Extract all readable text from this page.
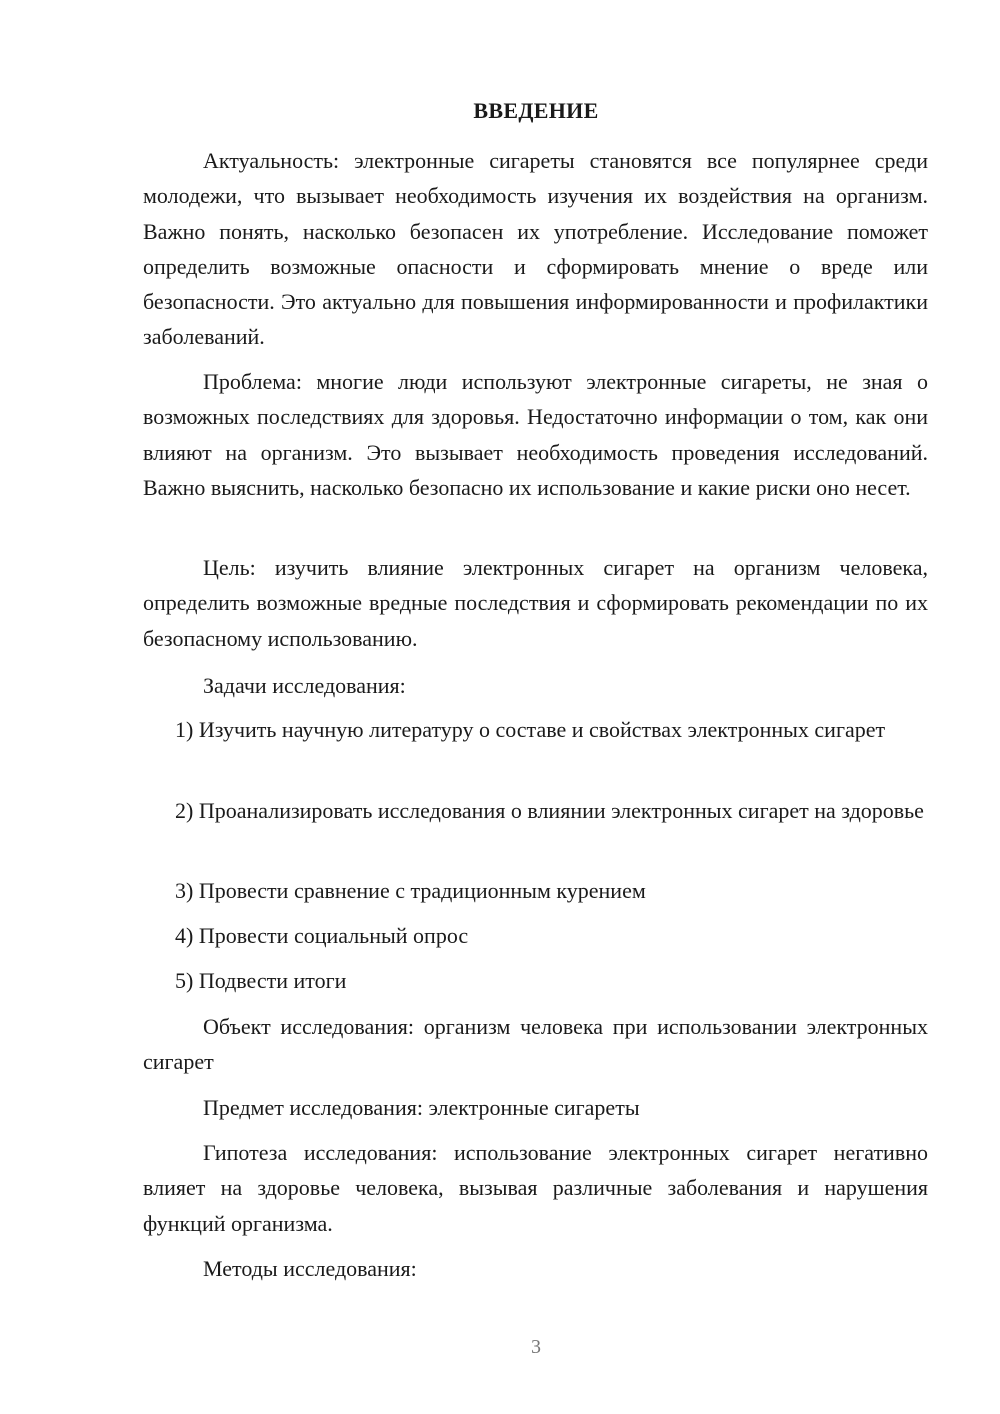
ВВЕДЕНИЕ

Актуальность: электронные сигареты становятся все популярнее среди молодежи, что вызывает необходимость изучения их воздействия на организм. Важно понять, насколько безопасен их употребление. Исследование поможет определить возможные опасности и сформировать мнение о вреде или безопасности. Это актуально для повышения информированности и профилактики заболеваний.

Проблема: многие люди используют электронные сигареты, не зная о возможных последствиях для здоровья. Недостаточно информации о том, как они влияют на организм. Это вызывает необходимость проведения исследований. Важно выяснить, насколько безопасно их использование и какие риски оно несет.

Цель: изучить влияние электронных сигарет на организм человека, определить возможные вредные последствия и сформировать рекомендации по их безопасному использованию.

Задачи исследования:

1) Изучить научную литературу о составе и свойствах электронных сигарет

2) Проанализировать исследования о влиянии электронных сигарет на здоровье

3) Провести сравнение с традиционным курением

4) Провести социальный опрос

5) Подвести итоги

Объект исследования: организм человека при использовании электронных сигарет

Предмет исследования: электронные сигареты

Гипотеза исследования: использование электронных сигарет негативно влияет на здоровье человека, вызывая различные заболевания и нарушения функций организма.

Методы исследования:

3
